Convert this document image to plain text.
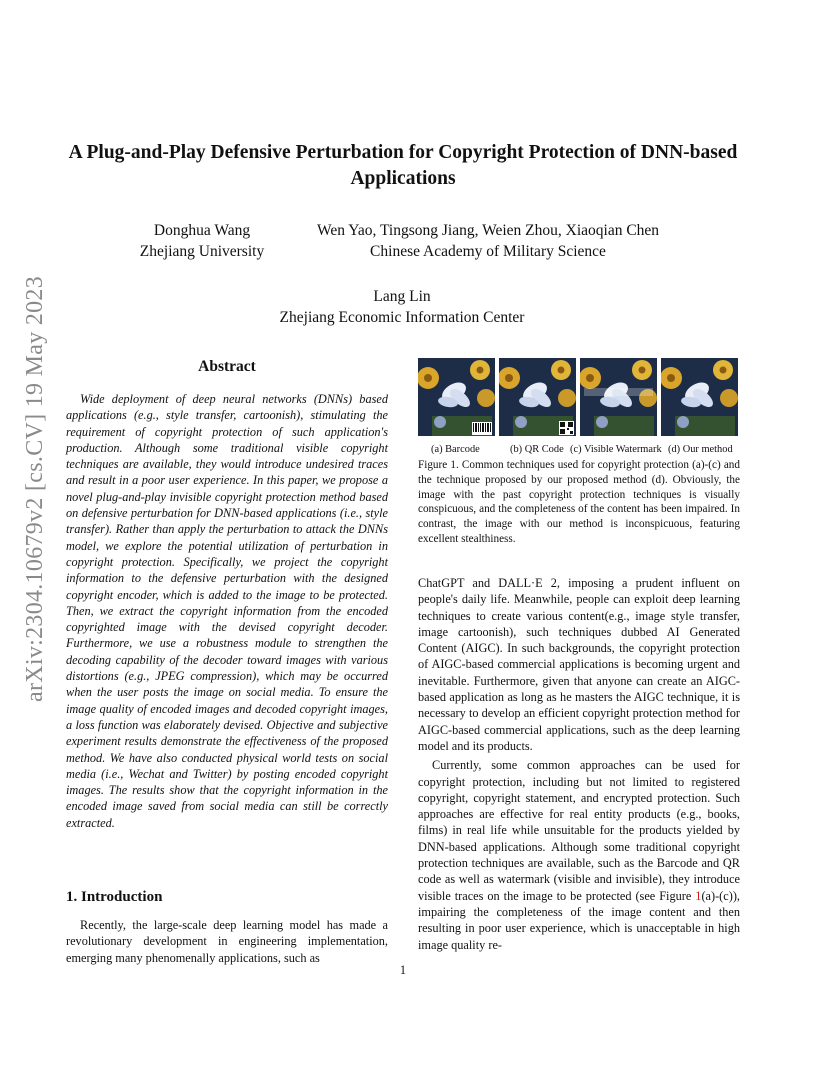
arXiv:2304.10679v2 [cs.CV] 19 May 2023
A Plug-and-Play Defensive Perturbation for Copyright Protection of DNN-based Applications
Donghua Wang
Zhejiang University
Wen Yao, Tingsong Jiang, Weien Zhou, Xiaoqian Chen
Chinese Academy of Military Science
Lang Lin
Zhejiang Economic Information Center
Abstract

Wide deployment of deep neural networks (DNNs) based applications (e.g., style transfer, cartoonish), stimulating the requirement of copyright protection of such application's production. Although some traditional visible copyright techniques are available, they would introduce undesired traces and result in a poor user experience. In this paper, we propose a novel plug-and-play invisible copyright protection method based on defensive perturbation for DNN-based applications (i.e., style transfer). Rather than apply the perturbation to attack the DNNs model, we explore the potential utilization of perturbation in copyright protection. Specifically, we project the copyright information to the defensive perturbation with the designed copyright encoder, which is added to the image to be protected. Then, we extract the copyright information from the encoded copyrighted image with the devised copyright decoder. Furthermore, we use a robustness module to strengthen the decoding capability of the decoder toward images with various distortions (e.g., JPEG compression), which may be occurred when the user posts the image on social media. To ensure the image quality of encoded images and decoded copyright images, a loss function was elaborately devised. Objective and subjective experiment results demonstrate the effectiveness of the proposed method. We have also conducted physical world tests on social media (i.e., Wechat and Twitter) by posting encoded copyright images. The results show that the copyright information in the encoded image saved from social media can still be correctly extracted.

1. Introduction

Recently, the large-scale deep learning model has made a revolutionary development in engineering implementation, emerging many phenomenally applications, such as

(a) Barcode	(b) QR Code (c) Visible Watermark (d) Our method

Figure 1. Common techniques used for copyright protection (a)-(c) and the technique proposed by our proposed method (d). Obviously, the image with the past copyright protection techniques is visually conspicuous, and the completeness of the content has been impaired. In contrast, the image with our method is inconspicuous, featuring excellent stealthiness.

ChatGPT and DALL·E 2, imposing a prudent influent on people's daily life. Meanwhile, people can exploit deep learning techniques to create various content(e.g., image style transfer, image cartoonish), such techniques dubbed AI Generated Content (AIGC). In such backgrounds, the copyright protection of AIGC-based commercial applications is becoming urgent and inevitable. Furthermore, given that anyone can create an AIGC-based application as long as he masters the AIGC technique, it is necessary to develop an efficient copyright protection method for AIGC-based commercial applications, such as the deep learning model and its products.

Currently, some common approaches can be used for copyright protection, including but not limited to registered copyright, copyright statement, and encrypted protection. Such approaches are effective for real entity products (e.g., books, films) in real life while unsuitable for the products yielded by DNN-based applications. Although some traditional copyright protection techniques are available, such as the Barcode and QR code as well as watermark (visible and invisible), they introduce visible traces on the image to be protected (see Figure 1(a)-(c)), impairing the completeness of the image content and then resulting in poor user experience, which is unacceptable in high image quality re-

1
